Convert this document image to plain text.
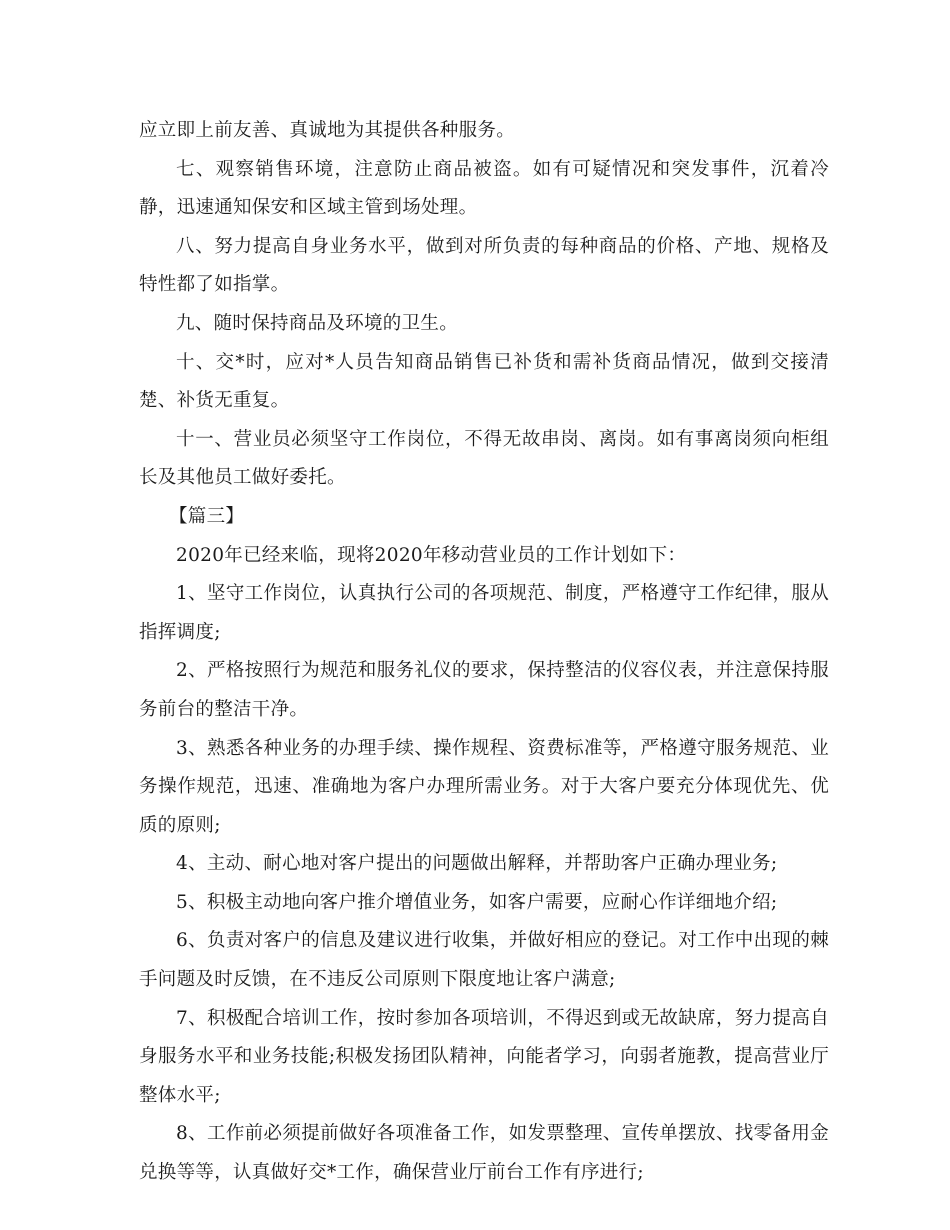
应立即上前友善、真诚地为其提供各种服务。

七、观察销售环境，注意防止商品被盗。如有可疑情况和突发事件，沉着冷静，迅速通知保安和区域主管到场处理。

八、努力提高自身业务水平，做到对所负责的每种商品的价格、产地、规格及特性都了如指掌。

九、随时保持商品及环境的卫生。

十、交*时，应对*人员告知商品销售已补货和需补货商品情况，做到交接清楚、补货无重复。

十一、营业员必须坚守工作岗位，不得无故串岗、离岗。如有事离岗须向柜组长及其他员工做好委托。

【篇三】

2020年已经来临，现将2020年移动营业员的工作计划如下：

1、坚守工作岗位，认真执行公司的各项规范、制度，严格遵守工作纪律，服从指挥调度;

2、严格按照行为规范和服务礼仪的要求，保持整洁的仪容仪表，并注意保持服务前台的整洁干净。

3、熟悉各种业务的办理手续、操作规程、资费标准等，严格遵守服务规范、业务操作规范，迅速、准确地为客户办理所需业务。对于大客户要充分体现优先、优质的原则;

4、主动、耐心地对客户提出的问题做出解释，并帮助客户正确办理业务;

5、积极主动地向客户推介增值业务，如客户需要，应耐心作详细地介绍;

6、负责对客户的信息及建议进行收集，并做好相应的登记。对工作中出现的棘手问题及时反馈，在不违反公司原则下限度地让客户满意;

7、积极配合培训工作，按时参加各项培训，不得迟到或无故缺席，努力提高自身服务水平和业务技能;积极发扬团队精神，向能者学习，向弱者施教，提高营业厅整体水平;

8、工作前必须提前做好各项准备工作，如发票整理、宣传单摆放、找零备用金兑换等等，认真做好交*工作，确保营业厅前台工作有序进行;
